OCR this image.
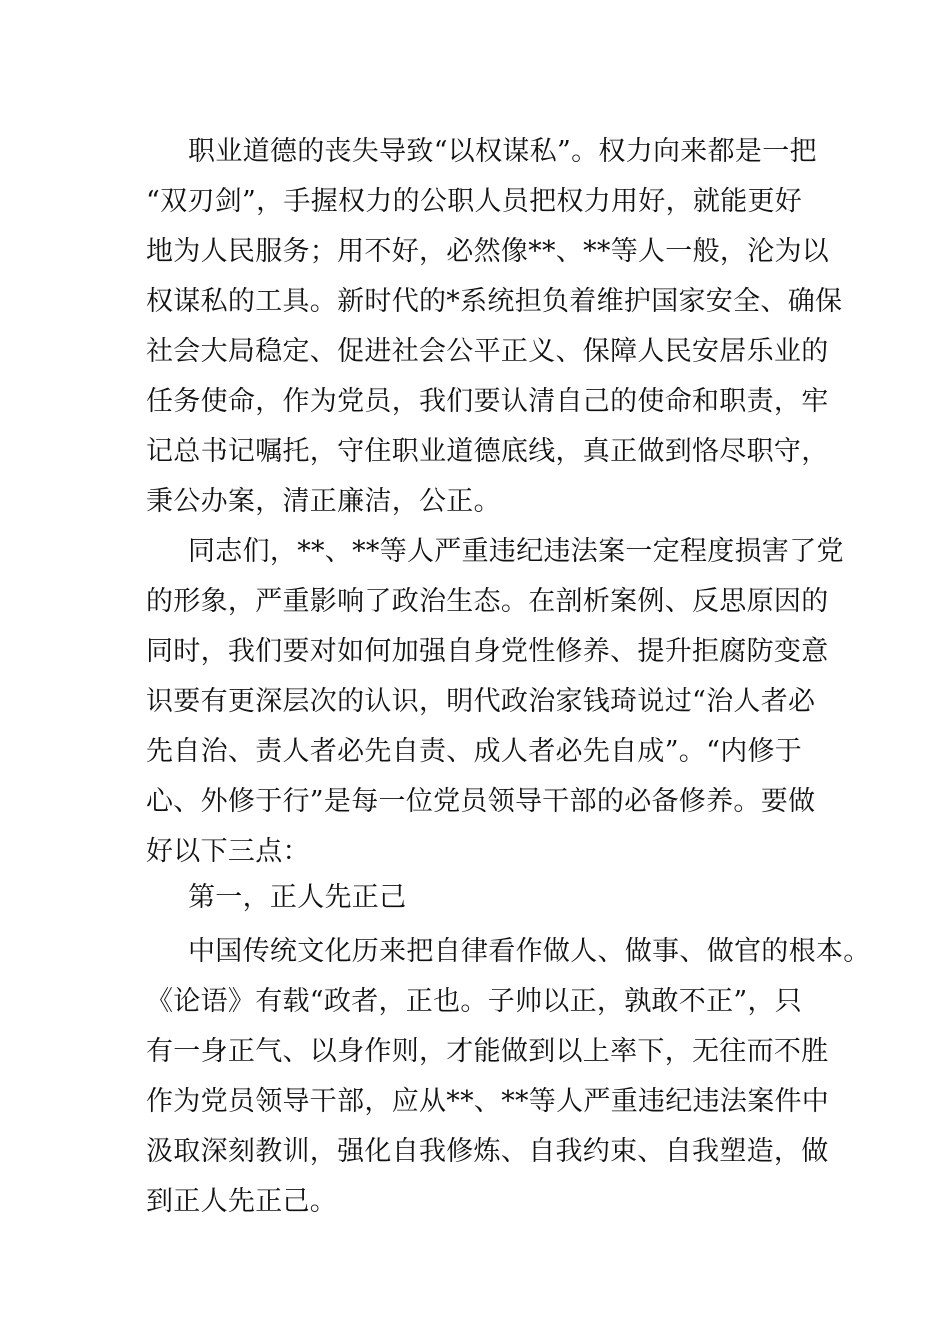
职业道德的丧失导致“以权谋私”。权力向来都是一把
“双刃剑”，手握权力的公职人员把权力用好，就能更好
地为人民服务；用不好，必然像**、**等人一般，沦为以
权谋私的工具。新时代的*系统担负着维护国家安全、确保
社会大局稳定、促进社会公平正义、保障人民安居乐业的
任务使命，作为党员，我们要认清自己的使命和职责，牢
记总书记嘱托，守住职业道德底线，真正做到恪尽职守，
秉公办案，清正廉洁，公正。
同志们，**、**等人严重违纪违法案一定程度损害了党
的形象，严重影响了政治生态。在剖析案例、反思原因的
同时，我们要对如何加强自身党性修养、提升拒腐防变意
识要有更深层次的认识，明代政治家钱琦说过“治人者必
先自治、责人者必先自责、成人者必先自成”。“内修于
心、外修于行”是每一位党员领导干部的必备修养。要做
好以下三点：
第一，正人先正己
中国传统文化历来把自律看作做人、做事、做官的根本。
《论语》有载“政者，正也。子帅以正，孰敢不正”，只
有一身正气、以身作则，才能做到以上率下，无往而不胜
作为党员领导干部，应从**、**等人严重违纪违法案件中
汲取深刻教训，强化自我修炼、自我约束、自我塑造，做
到正人先正己。
